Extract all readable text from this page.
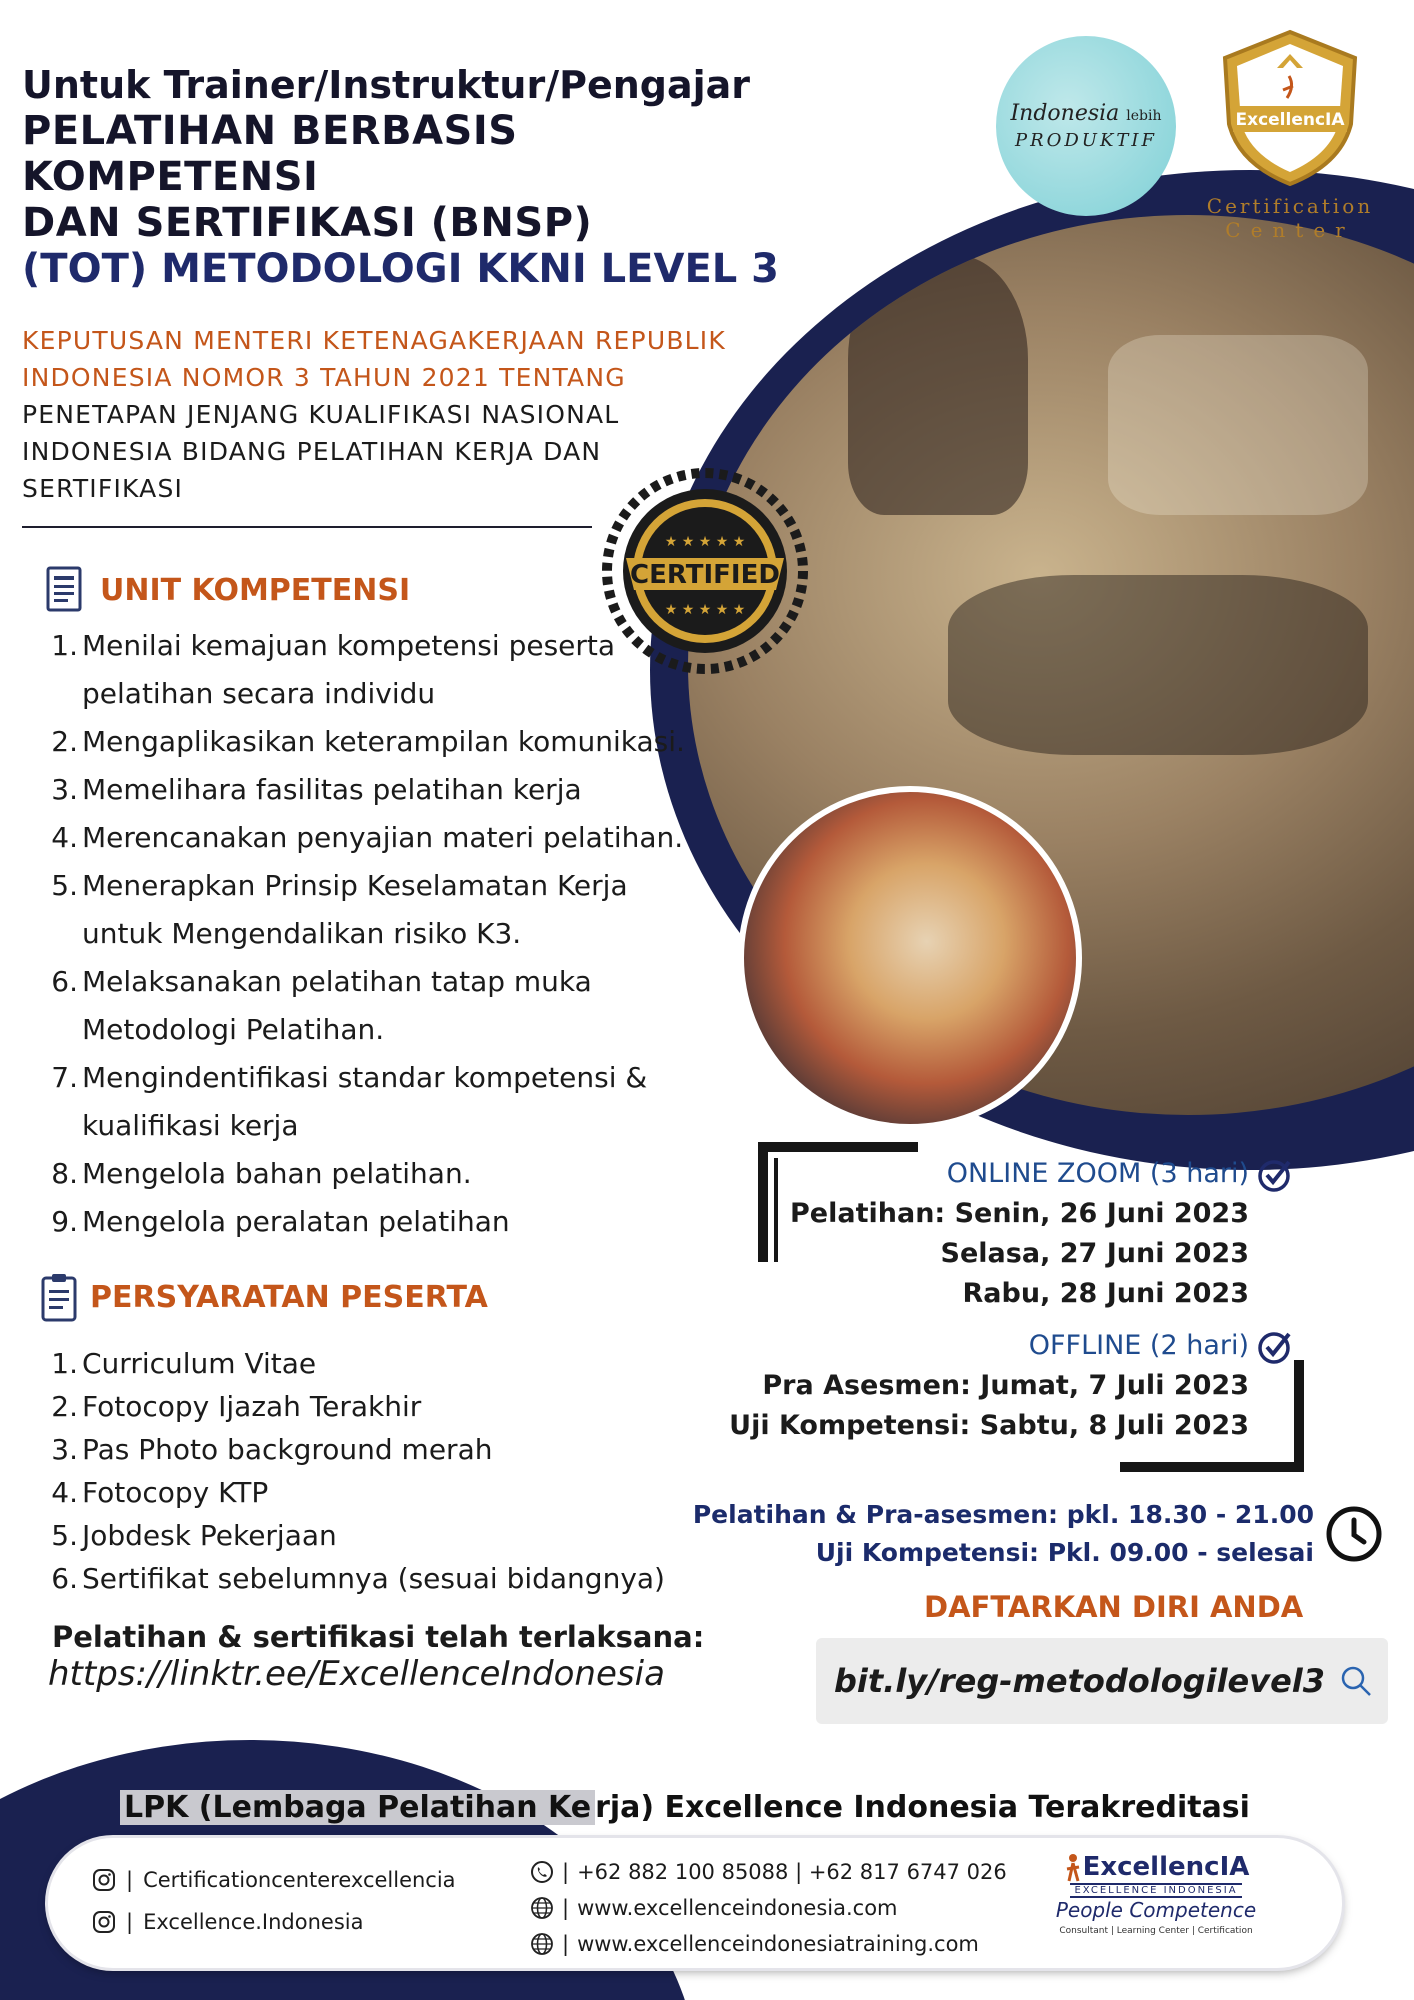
Indonesia lebih
PRODUKTIF
ExcellencIA
Certification
Center
Untuk Trainer/Instruktur/Pengajar
PELATIHAN BERBASIS KOMPETENSI
DAN SERTIFIKASI (BNSP)
(TOT) METODOLOGI KKNI LEVEL 3
KEPUTUSAN MENTERI KETENAGAKERJAAN REPUBLIK
INDONESIA NOMOR 3 TAHUN 2021 TENTANG
PENETAPAN JENJANG KUALIFIKASI NASIONAL
INDONESIA BIDANG PELATIHAN KERJA DAN
SERTIFIKASI
CERTIFIED
★ ★ ★ ★ ★
★ ★ ★ ★ ★
UNIT KOMPETENSI
1. Menilai kemajuan kompetensi peserta
pelatihan secara individu
2. Mengaplikasikan keterampilan komunikasi.
3. Memelihara fasilitas pelatihan kerja
4. Merencanakan penyajian materi pelatihan.
5. Menerapkan Prinsip Keselamatan Kerja
untuk Mengendalikan risiko K3.
6. Melaksanakan pelatihan tatap muka
Metodologi Pelatihan.
7. Mengindentifikasi standar kompetensi &
kualifikasi kerja
8. Mengelola bahan pelatihan.
9. Mengelola peralatan pelatihan
PERSYARATAN PESERTA
1. Curriculum Vitae
2. Fotocopy Ijazah Terakhir
3. Pas Photo background merah
4. Fotocopy KTP
5. Jobdesk Pekerjaan
6. Sertifikat sebelumnya (sesuai bidangnya)
Pelatihan & sertifikasi telah terlaksana:
https://linktr.ee/ExcellenceIndonesia
ONLINE ZOOM (3 hari)
Pelatihan: Senin, 26 Juni 2023
Selasa, 27 Juni 2023
Rabu, 28 Juni 2023
OFFLINE (2 hari)
Pra Asesmen: Jumat, 7 Juli 2023
Uji Kompetensi: Sabtu, 8 Juli 2023
Pelatihan & Pra-asesmen: pkl. 18.30 - 21.00
Uji Kompetensi: Pkl. 09.00 - selesai
DAFTARKAN DIRI ANDA
bit.ly/reg-metodologilevel3
LPK (Lembaga Pelatihan Ke rja) Excellence Indonesia Terakreditasi
| Certificationcenterexcellencia
| Excellence.Indonesia
| +62 882 100 85088 | +62 817 6747 026
| www.excellenceindonesia.com
| www.excellenceindonesiatraining.com
ExcellencIA
EXCELLENCE INDONESIA
People Competence
Consultant | Learning Center | Certification
